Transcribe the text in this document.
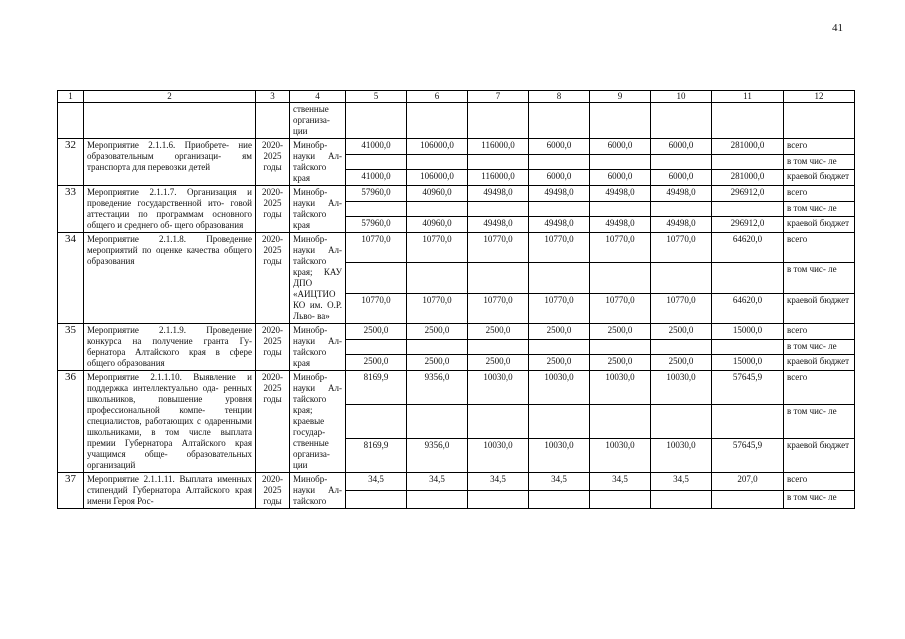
41
1	2	3	4	5	6	7	8	9	10	11	12
			ственные организа- ции								
32	Мероприятие 2.1.1.6. Приобрете- ние образовательным организаци- ям транспорта для перевозки детей	2020- 2025 годы	Минобр- науки Ал- тайского края	41000,0	106000,0	116000,0	6000,0	6000,0	6000,0	281000,0	всего
											в том чис- ле
				41000,0	106000,0	116000,0	6000,0	6000,0	6000,0	281000,0	краевой бюджет
33	Мероприятие 2.1.1.7. Организация и проведение государственной ито- говой аттестации по программам основного общего и среднего об- щего образования	2020- 2025 годы	Минобр- науки Ал- тайского края	57960,0	40960,0	49498,0	49498,0	49498,0	49498,0	296912,0	всего
											в том чис- ле
				57960,0	40960,0	49498,0	49498,0	49498,0	49498,0	296912,0	краевой бюджет
34	Мероприятие 2.1.1.8. Проведение мероприятий по оценке качества общего образования	2020- 2025 годы	Минобр- науки Ал- тайского края; КАУ ДПО «АИЦТИО КО им. О.Р. Льво- ва»	10770,0	10770,0	10770,0	10770,0	10770,0	10770,0	64620,0	всего
											в том чис- ле
				10770,0	10770,0	10770,0	10770,0	10770,0	10770,0	64620,0	краевой бюджет
35	Мероприятие 2.1.1.9. Проведение конкурса на получение гранта Гу- бернатора Алтайского края в сфере общего образования	2020- 2025 годы	Минобр- науки Ал- тайского края	2500,0	2500,0	2500,0	2500,0	2500,0	2500,0	15000,0	всего
											в том чис- ле
				2500,0	2500,0	2500,0	2500,0	2500,0	2500,0	15000,0	краевой бюджет
36	Мероприятие 2.1.1.10. Выявление и поддержка интеллектуально ода- ренных школьников, повышение уровня профессиональной компе- тенции специалистов, работающих с одаренными школьниками, в том числе выплата премии Губернатора Алтайского края учащимся обще- образовательных организаций	2020- 2025 годы	Минобр- науки Ал- тайского края; краевые государ- ственные организа- ции	8169,9	9356,0	10030,0	10030,0	10030,0	10030,0	57645,9	всего
											в том чис- ле
				8169,9	9356,0	10030,0	10030,0	10030,0	10030,0	57645,9	краевой бюджет
37	Мероприятие 2.1.1.11. Выплата именных стипендий Губернатора Алтайского края имени Героя Рос-	2020- 2025 годы	Минобр- науки Ал- тайского	34,5	34,5	34,5	34,5	34,5	34,5	207,0	всего
											в том чис- ле
